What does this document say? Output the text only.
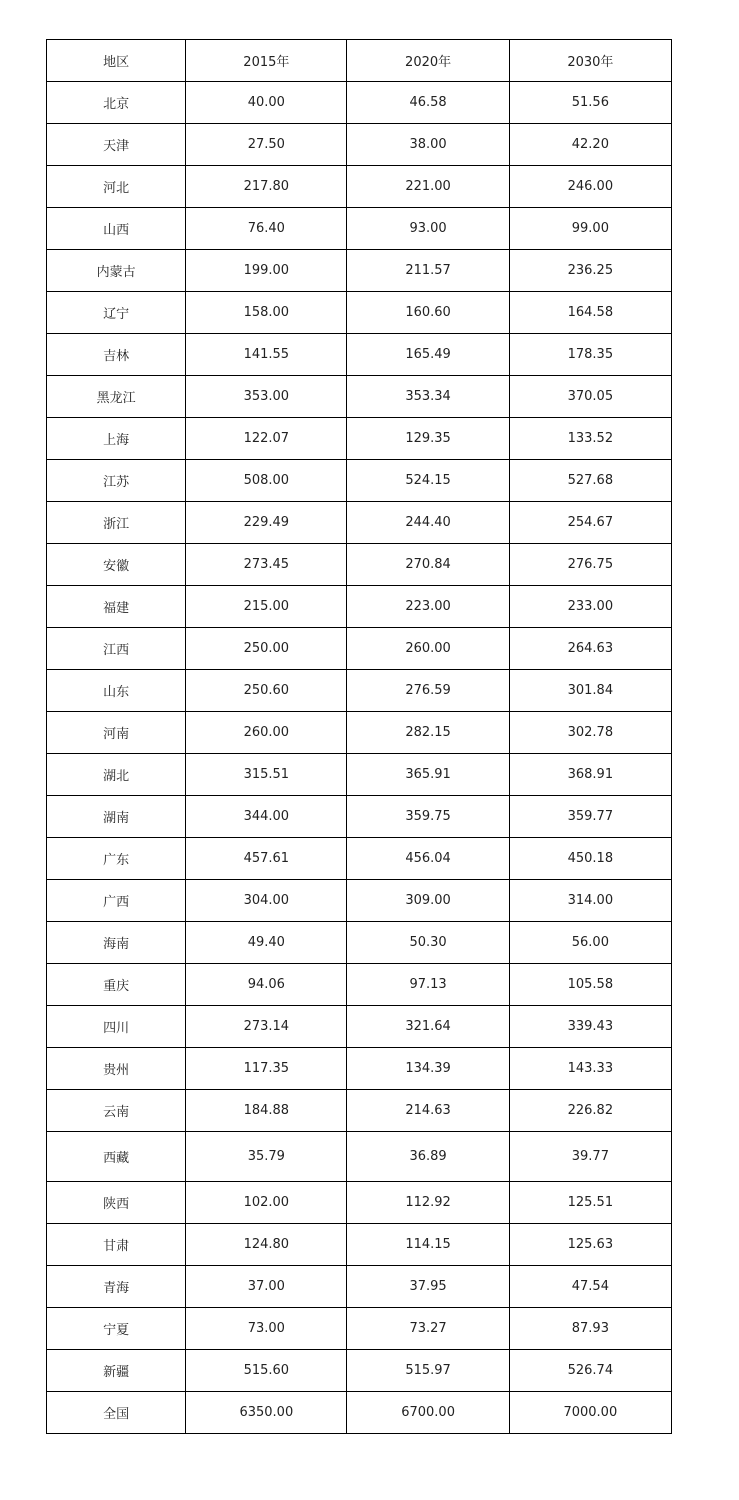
地区	2015年	2020年	2030年
北京	40.00	46.58	51.56
天津	27.50	38.00	42.20
河北	217.80	221.00	246.00
山西	76.40	93.00	99.00
内蒙古	199.00	211.57	236.25
辽宁	158.00	160.60	164.58
吉林	141.55	165.49	178.35
黑龙江	353.00	353.34	370.05
上海	122.07	129.35	133.52
江苏	508.00	524.15	527.68
浙江	229.49	244.40	254.67
安徽	273.45	270.84	276.75
福建	215.00	223.00	233.00
江西	250.00	260.00	264.63
山东	250.60	276.59	301.84
河南	260.00	282.15	302.78
湖北	315.51	365.91	368.91
湖南	344.00	359.75	359.77
广东	457.61	456.04	450.18
广西	304.00	309.00	314.00
海南	49.40	50.30	56.00
重庆	94.06	97.13	105.58
四川	273.14	321.64	339.43
贵州	117.35	134.39	143.33
云南	184.88	214.63	226.82
西藏	35.79	36.89	39.77
陕西	102.00	112.92	125.51
甘肃	124.80	114.15	125.63
青海	37.00	37.95	47.54
宁夏	73.00	73.27	87.93
新疆	515.60	515.97	526.74
全国	6350.00	6700.00	7000.00
